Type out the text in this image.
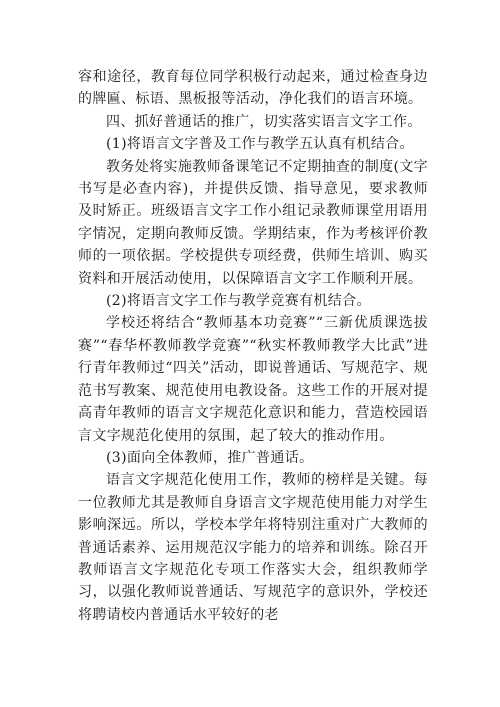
容和途径，教育每位同学积极行动起来，通过检查身边的牌匾、标语、黑板报等活动，净化我们的语言环境。

四、抓好普通话的推广，切实落实语言文字工作。

(1)将语言文字普及工作与教学五认真有机结合。

教务处将实施教师备课笔记不定期抽查的制度(文字书写是必查内容)，并提供反馈、指导意见，要求教师及时矫正。班级语言文字工作小组记录教师课堂用语用字情况，定期向教师反馈。学期结束，作为考核评价教师的一项依据。学校提供专项经费，供师生培训、购买资料和开展活动使用，以保障语言文字工作顺利开展。

(2)将语言文字工作与教学竞赛有机结合。

学校还将结合“教师基本功竞赛”“三新优质课选拔赛”“春华杯教师教学竞赛”“秋实杯教师教学大比武”进行青年教师过“四关”活动，即说普通话、写规范字、规范书写教案、规范使用电教设备。这些工作的开展对提高青年教师的语言文字规范化意识和能力，营造校园语言文字规范化使用的氛围，起了较大的推动作用。

(3)面向全体教师，推广普通话。

语言文字规范化使用工作，教师的榜样是关键。每一位教师尤其是教师自身语言文字规范使用能力对学生影响深远。所以，学校本学年将特别注重对广大教师的普通话素养、运用规范汉字能力的培养和训练。除召开教师语言文字规范化专项工作落实大会，组织教师学习，以强化教师说普通话、写规范字的意识外，学校还将聘请校内普通话水平较好的老
